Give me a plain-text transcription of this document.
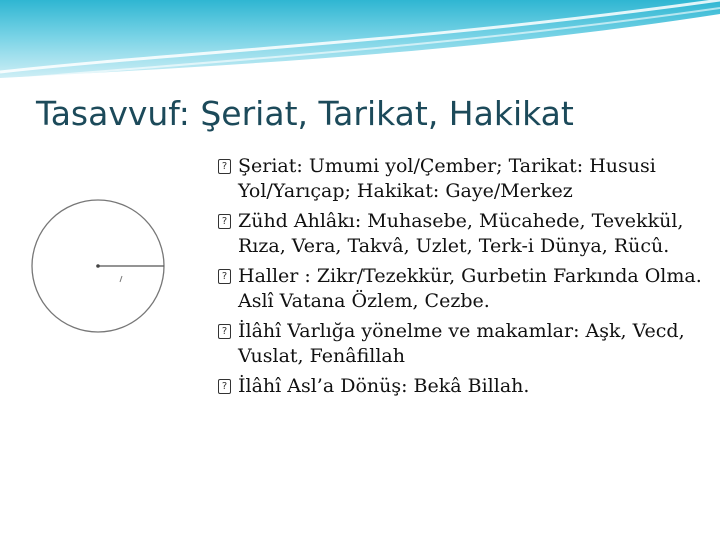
Tasavvuf: Şeriat, Tarikat, Hakikat
? Şeriat: Umumi yol/Çember; Tarikat: Hususi Yol/Yarıçap; Hakikat: Gaye/Merkez
? Zühd Ahlâkı: Muhasebe, Mücahede, Tevekkül, Rıza, Vera, Takvâ, Uzlet, Terk-i Dünya, Rücû.
? Haller : Zikr/Tezekkür, Gurbetin Farkında Olma. Aslî Vatana Özlem, Cezbe.
? İlâhî Varlığa yönelme ve makamlar: Aşk, Vecd, Vuslat, Fenâfillah
? İlâhî Asl’a Dönüş: Bekâ Billah.
